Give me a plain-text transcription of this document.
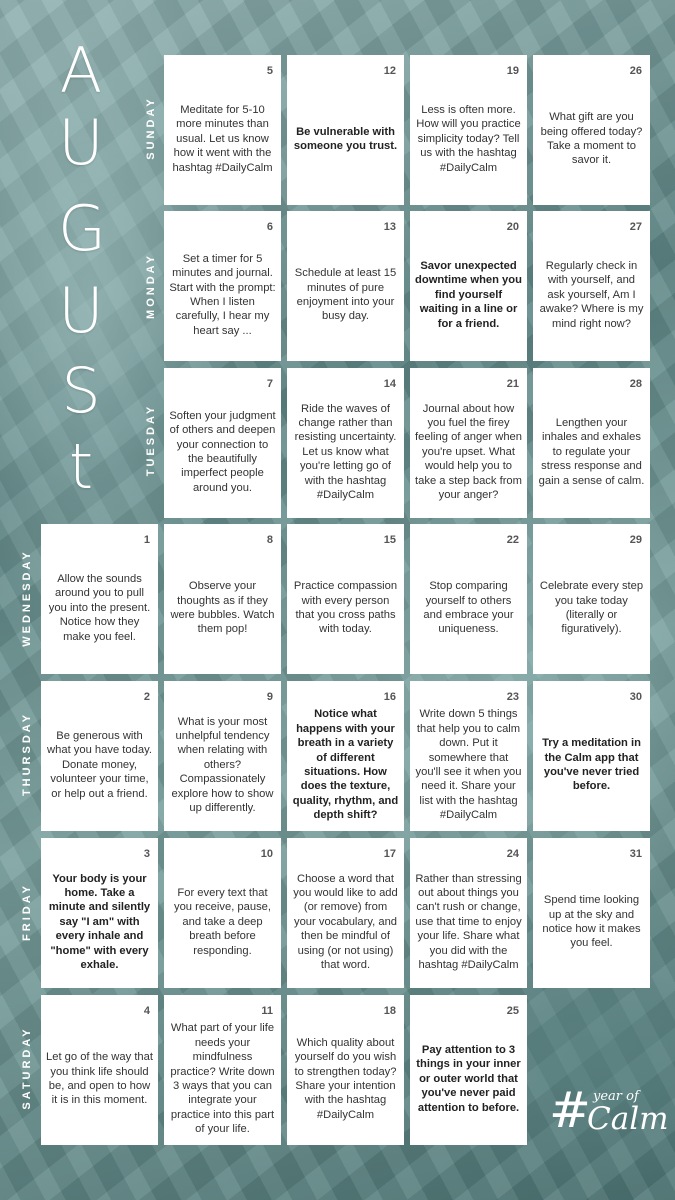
A
U
G
U
S
t
SUNDAY
MONDAY
TUESDAY
WEDNESDAY
THURSDAY
FRIDAY
SATURDAY
5
Meditate for 5-10 more minutes than usual. Let us know how it went with the hashtag #DailyCalm
12
Be vulnerable with someone you trust.
19
Less is often more. How will you practice simplicity today? Tell us with the hashtag #DailyCalm
26
What gift are you being offered today? Take a moment to savor it.
6
Set a timer for 5 minutes and journal. Start with the prompt: When I listen carefully, I hear my heart say ...
13
Schedule at least 15 minutes of pure enjoyment into your busy day.
20
Savor unexpected downtime when you find yourself waiting in a line or for a friend.
27
Regularly check in with yourself, and ask yourself, Am I awake? Where is my mind right now?
7
Soften your judgment of others and deepen your connection to the beautifully imperfect people around you.
14
Ride the waves of change rather than resisting uncertainty. Let us know what you're letting go of with the hashtag #DailyCalm
21
Journal about how you fuel the firey feeling of anger when you're upset. What would help you to take a step back from your anger?
28
Lengthen your inhales and exhales to regulate your stress response and gain a sense of calm.
1
Allow the sounds around you to pull you into the present. Notice how they make you feel.
8
Observe your thoughts as if they were bubbles. Watch them pop!
15
Practice compassion with every person that you cross paths with today.
22
Stop comparing yourself to others and embrace your uniqueness.
29
Celebrate every step you take today (literally or figuratively).
2
Be generous with what you have today. Donate money, volunteer your time, or help out a friend.
9
What is your most unhelpful tendency when relating with others? Compassionately explore how to show up differently.
16
Notice what happens with your breath in a variety of different situations. How does the texture, quality, rhythm, and depth shift?
23
Write down 5 things that help you to calm down. Put it somewhere that you'll see it when you need it. Share your list with the hashtag #DailyCalm
30
Try a meditation in the Calm app that you've never tried before.
3
Your body is your home. Take a minute and silently say "I am" with every inhale and "home" with every exhale.
10
For every text that you receive, pause, and take a deep breath before responding.
17
Choose a word that you would like to add (or remove) from your vocabulary, and then be mindful of using (or not using) that word.
24
Rather than stressing out about things you can't rush or change, use that time to enjoy your life. Share what you did with the hashtag #DailyCalm
31
Spend time looking up at the sky and notice how it makes you feel.
4
Let go of the way that you think life should be, and open to how it is in this moment.
11
What part of your life needs your mindfulness practice? Write down 3 ways that you can integrate your practice into this part of your life.
18
Which quality about yourself do you wish to strengthen today? Share your intention with the hashtag #DailyCalm
25
Pay attention to 3 things in your inner or outer world that you've never paid attention to before. # year of
Calm
